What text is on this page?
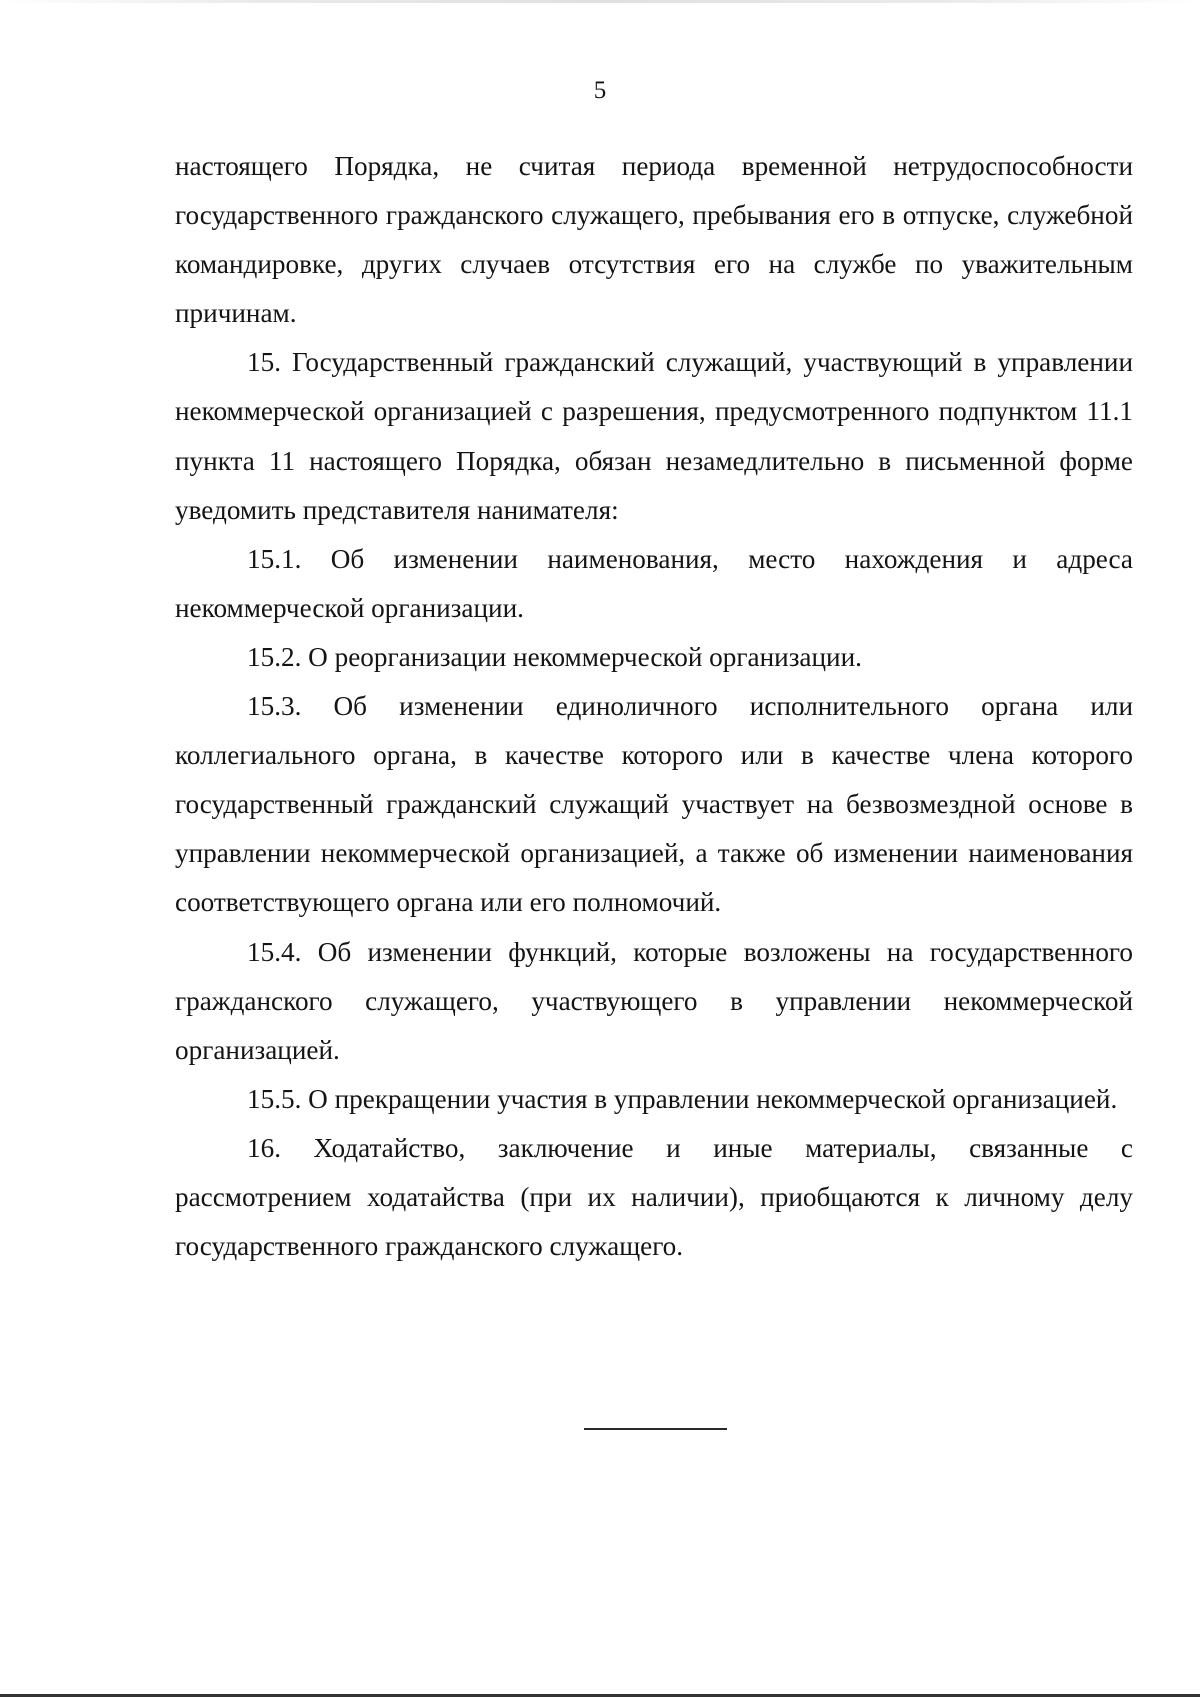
5

настоящего Порядка, не считая периода временной нетрудоспособности государственного гражданского служащего, пребывания его в отпуске, служебной командировке, других случаев отсутствия его на службе по уважительным причинам.

15. Государственный гражданский служащий, участвующий в управлении некоммерческой организацией с разрешения, предусмотренного подпунктом 11.1 пункта 11 настоящего Порядка, обязан незамедлительно в письменной форме уведомить представителя нанимателя:

15.1. Об изменении наименования, место нахождения и адреса некоммерческой организации.

15.2. О реорганизации некоммерческой организации.

15.3. Об изменении единоличного исполнительного органа или коллегиального органа, в качестве которого или в качестве члена которого государственный гражданский служащий участвует на безвозмездной основе в управлении некоммерческой организацией, а также об изменении наименования соответствующего органа или его полномочий.

15.4. Об изменении функций, которые возложены на государственного гражданского служащего, участвующего в управлении некоммерческой организацией.

15.5. О прекращении участия в управлении некоммерческой организацией.

16. Ходатайство, заключение и иные материалы, связанные с рассмотрением ходатайства (при их наличии), приобщаются к личному делу государственного гражданского служащего.
